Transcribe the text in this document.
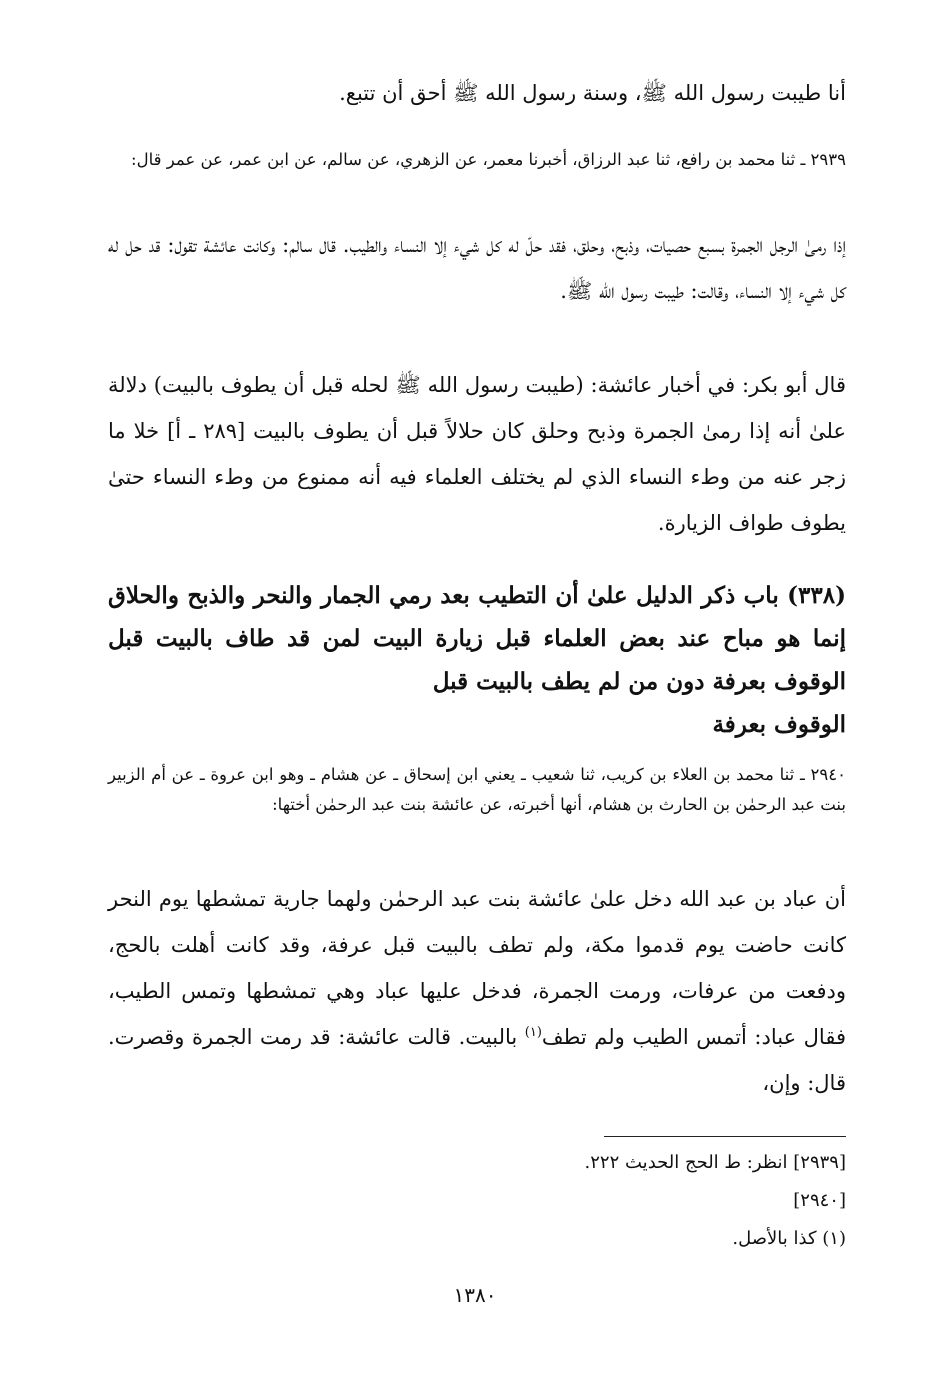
أنا طيبت رسول الله ﷺ، وسنة رسول الله ﷺ أحق أن تتبع.
٢٩٣٩ ـ ثنا محمد بن رافع، ثنا عبد الرزاق، أخبرنا معمر، عن الزهري، عن سالم، عن ابن عمر، عن عمر قال:
إذا رمىٰ الرجل الجمرة بسبع حصيات، وذبح، وحلق، فقد حلّ له كل شيء إلا النساء والطيب. قال سالم: وكانت عائشة تقول: قد حل له كل شيء إلا النساء، وقالت: طيبت رسول الله ﷺ.
قال أبو بكر: في أخبار عائشة: (طيبت رسول الله ﷺ لحله قبل أن يطوف بالبيت) دلالة علىٰ أنه إذا رمىٰ الجمرة وذبح وحلق كان حلالاً قبل أن يطوف بالبيت [٢٨٩ ـ أ] خلا ما زجر عنه من وطء النساء الذي لم يختلف العلماء فيه أنه ممنوع من وطء النساء حتىٰ يطوف طواف الزيارة.
(٣٣٨) باب ذكر الدليل علىٰ أن التطيب بعد رمي الجمار والنحر والذبح والحلاق إنما هو مباح عند بعض العلماء قبل زيارة البيت لمن قد طاف بالبيت قبل الوقوف بعرفة دون من لم يطف بالبيت قبل
الوقوف بعرفة
٢٩٤٠ ـ ثنا محمد بن العلاء بن كريب، ثنا شعيب ـ يعني ابن إسحاق ـ عن هشام ـ وهو ابن عروة ـ عن أم الزبير بنت عبد الرحمٰن بن الحارث بن هشام، أنها أخبرته، عن عائشة بنت عبد الرحمٰن أختها:
أن عباد بن عبد الله دخل علىٰ عائشة بنت عبد الرحمٰن ولهما جارية تمشطها يوم النحر كانت حاضت يوم قدموا مكة، ولم تطف بالبيت قبل عرفة، وقد كانت أهلت بالحج، ودفعت من عرفات، ورمت الجمرة، فدخل عليها عباد وهي تمشطها وتمس الطيب، فقال عباد: أتمس الطيب ولم تطف$^{(١)}$ بالبيت. قالت عائشة: قد رمت الجمرة وقصرت. قال: وإن،
[٢٩٣٩] انظر: ط الحج الحديث ٢٢٢.
[٢٩٤٠]
(١) كذا بالأصل.
١٣٨٠
